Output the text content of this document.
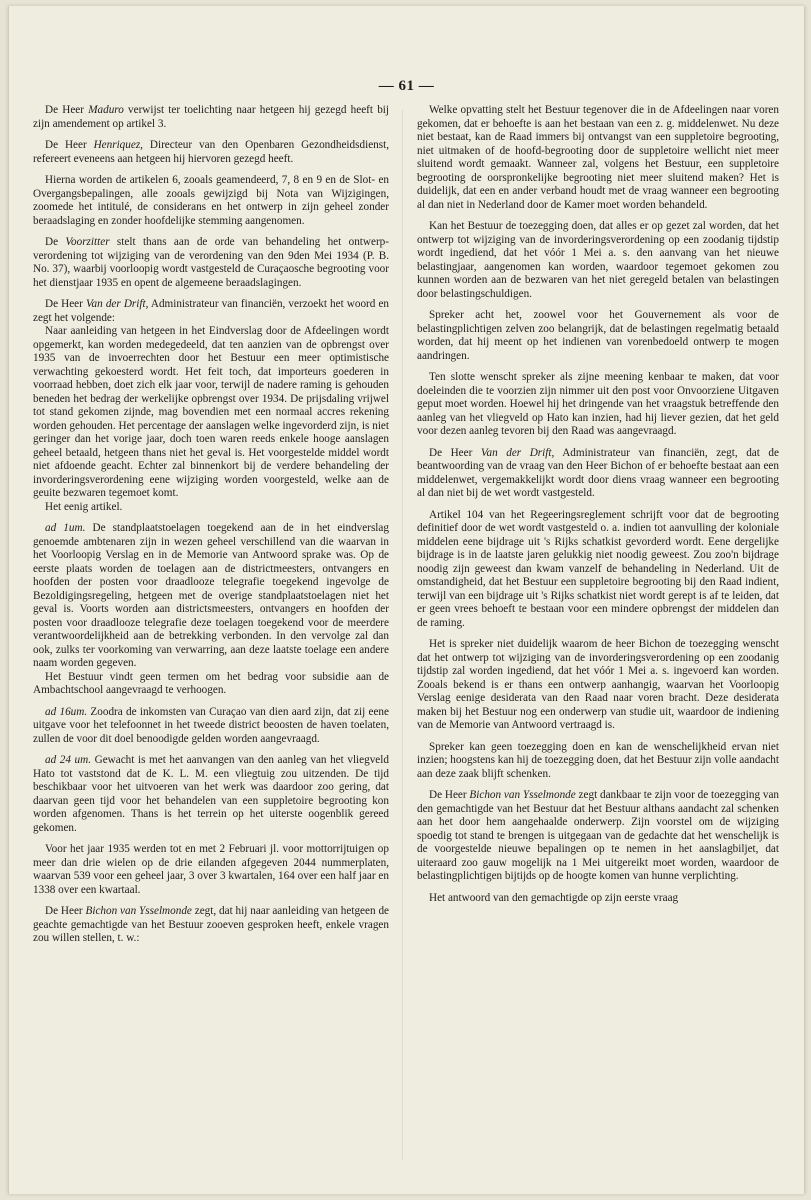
— 61 —

De Heer Maduro verwijst ter toelichting naar hetgeen hij gezegd heeft bij zijn amendement op artikel 3.

De Heer Henriquez, Directeur van den Openbaren Gezondheidsdienst, refereert eveneens aan hetgeen hij hiervoren gezegd heeft.

Hierna worden de artikelen 6, zooals geamendeerd, 7, 8 en 9 en de Slot- en Overgangsbepalingen, alle zooals gewijzigd bij Nota van Wijzigingen, zoomede het intitulé, de considerans en het ontwerp in zijn geheel zonder beraadslaging en zonder hoofdelijke stemming aangenomen.

De Voorzitter stelt thans aan de orde van behandeling het ontwerp-verordening tot wijziging van de verordening van den 9den Mei 1934 (P. B. No. 37), waarbij voorloopig wordt vastgesteld de Curaçaosche begrooting voor het dienstjaar 1935 en opent de algemeene beraadslagingen.

De Heer Van der Drift, Administrateur van financiën, verzoekt het woord en zegt het volgende:

Naar aanleiding van hetgeen in het Eindverslag door de Afdeelingen wordt opgemerkt, kan worden medegedeeld, dat ten aanzien van de opbrengst over 1935 van de invoerrechten door het Bestuur een meer optimistische verwachting gekoesterd wordt. Het feit toch, dat importeurs goederen in voorraad hebben, doet zich elk jaar voor, terwijl de nadere raming is gehouden beneden het bedrag der werkelijke opbrengst over 1934. De prijsdaling vrijwel tot stand gekomen zijnde, mag bovendien met een normaal accres rekening worden gehouden. Het percentage der aanslagen welke ingevorderd zijn, is niet geringer dan het vorige jaar, doch toen waren reeds enkele hooge aanslagen geheel betaald, hetgeen thans niet het geval is. Het voorgestelde middel wordt niet afdoende geacht. Echter zal binnenkort bij de verdere behandeling der invorderingsverordening eene wijziging worden voorgesteld, welke aan de geuite bezwaren tegemoet komt.

Het eenig artikel.

ad 1um. De standplaatstoelagen toegekend aan de in het eindverslag genoemde ambtenaren zijn in wezen geheel verschillend van die waarvan in het Voorloopig Verslag en in de Memorie van Antwoord sprake was. Op de eerste plaats worden de toelagen aan de districtmeesters, ontvangers en hoofden der posten voor draadlooze telegrafie toegekend ingevolge de Bezoldigingsregeling, hetgeen met de overige standplaatstoelagen niet het geval is. Voorts worden aan districtsmeesters, ontvangers en hoofden der posten voor draadlooze telegrafie deze toelagen toegekend voor de meerdere verantwoordelijkheid aan de betrekking verbonden. In den vervolge zal dan ook, zulks ter voorkoming van verwarring, aan deze laatste toelage een andere naam worden gegeven.

Het Bestuur vindt geen termen om het bedrag voor subsidie aan de Ambachtschool aangevraagd te verhoogen.

ad 16um. Zoodra de inkomsten van Curaçao van dien aard zijn, dat zij eene uitgave voor het telefoonnet in het tweede district beoosten de haven toelaten, zullen de voor dit doel benoodigde gelden worden aangevraagd.

ad 24 um. Gewacht is met het aanvangen van den aanleg van het vliegveld Hato tot vaststond dat de K. L. M. een vliegtuig zou uitzenden. De tijd beschikbaar voor het uitvoeren van het werk was daardoor zoo gering, dat daarvan geen tijd voor het behandelen van een suppletoire begrooting kon worden afgenomen. Thans is het terrein op het uiterste oogenblik gereed gekomen.

Voor het jaar 1935 werden tot en met 2 Februari jl. voor mottorrijtuigen op meer dan drie wielen op de drie eilanden afgegeven 2044 nummerplaten, waarvan 539 voor een geheel jaar, 3 over 3 kwartalen, 164 over een half jaar en 1338 over een kwartaal.

De Heer Bichon van Ysselmonde zegt, dat hij naar aanleiding van hetgeen de geachte gemachtigde van het Bestuur zooeven gesproken heeft, enkele vragen zou willen stellen, t. w.:

Welke opvatting stelt het Bestuur tegenover die in de Afdeelingen naar voren gekomen, dat er behoefte is aan het bestaan van een z. g. middelenwet. Nu deze niet bestaat, kan de Raad immers bij ontvangst van een suppletoire begrooting, niet uitmaken of de hoofd-begrooting door de suppletoire wellicht niet meer sluitend wordt gemaakt. Wanneer zal, volgens het Bestuur, een suppletoire begrooting de oorspronkelijke begrooting niet meer sluitend maken? Het is duidelijk, dat een en ander verband houdt met de vraag wanneer een begrooting al dan niet in Nederland door de Kamer moet worden behandeld.

Kan het Bestuur de toezegging doen, dat alles er op gezet zal worden, dat het ontwerp tot wijziging van de invorderingsverordening op een zoodanig tijdstip wordt ingediend, dat het vóór 1 Mei a. s. den aanvang van het nieuwe belastingjaar, aangenomen kan worden, waardoor tegemoet gekomen zou kunnen worden aan de bezwaren van het niet geregeld betalen van belastingen door belastingschuldigen.

Spreker acht het, zoowel voor het Gouvernement als voor de belastingplichtigen zelven zoo belangrijk, dat de belastingen regelmatig betaald worden, dat hij meent op het indienen van vorenbedoeld ontwerp te mogen aandringen.

Ten slotte wenscht spreker als zijne meening kenbaar te maken, dat voor doeleinden die te voorzien zijn nimmer uit den post voor Onvoorziene Uitgaven geput moet worden. Hoewel hij het dringende van het vraagstuk betreffende den aanleg van het vliegveld op Hato kan inzien, had hij liever gezien, dat het geld voor dezen aanleg tevoren bij den Raad was aangevraagd.

De Heer Van der Drift, Administrateur van financiën, zegt, dat de beantwoording van de vraag van den Heer Bichon of er behoefte bestaat aan een middelenwet, vergemakkelijkt wordt door diens vraag wanneer een begrooting al dan niet bij de wet wordt vastgesteld.

Artikel 104 van het Regeeringsreglement schrijft voor dat de begrooting definitief door de wet wordt vastgesteld o. a. indien tot aanvulling der koloniale middelen eene bijdrage uit 's Rijks schatkist gevorderd wordt. Eene dergelijke bijdrage is in de laatste jaren gelukkig niet noodig geweest. Zou zoo'n bijdrage noodig zijn geweest dan kwam vanzelf de behandeling in Nederland. Uit de omstandigheid, dat het Bestuur een suppletoire begrooting bij den Raad indient, terwijl van een bijdrage uit 's Rijks schatkist niet wordt gerept is af te leiden, dat er geen vrees behoeft te bestaan voor een mindere opbrengst der middelen dan de raming.

Het is spreker niet duidelijk waarom de heer Bichon de toezegging wenscht dat het ontwerp tot wijziging van de invorderingsverordening op een zoodanig tijdstip zal worden ingediend, dat het vóór 1 Mei a. s. ingevoerd kan worden. Zooals bekend is er thans een ontwerp aanhangig, waarvan het Voorloopig Verslag eenige desiderata van den Raad naar voren bracht. Deze desiderata maken bij het Bestuur nog een onderwerp van studie uit, waardoor de indiening van de Memorie van Antwoord vertraagd is.

Spreker kan geen toezegging doen en kan de wenschelijkheid ervan niet inzien; hoogstens kan hij de toezegging doen, dat het Bestuur zijn volle aandacht aan deze zaak blijft schenken.

De Heer Bichon van Ysselmonde zegt dankbaar te zijn voor de toezegging van den gemachtigde van het Bestuur dat het Bestuur althans aandacht zal schenken aan het door hem aangehaalde onderwerp. Zijn voorstel om de wijziging spoedig tot stand te brengen is uitgegaan van de gedachte dat het wenschelijk is de voorgestelde nieuwe bepalingen op te nemen in het aanslagbiljet, dat uiteraard zoo gauw mogelijk na 1 Mei uitgereikt moet worden, waardoor de belastingplichtigen bijtijds op de hoogte komen van hunne verplichting.

Het antwoord van den gemachtigde op zijn eerste vraag
